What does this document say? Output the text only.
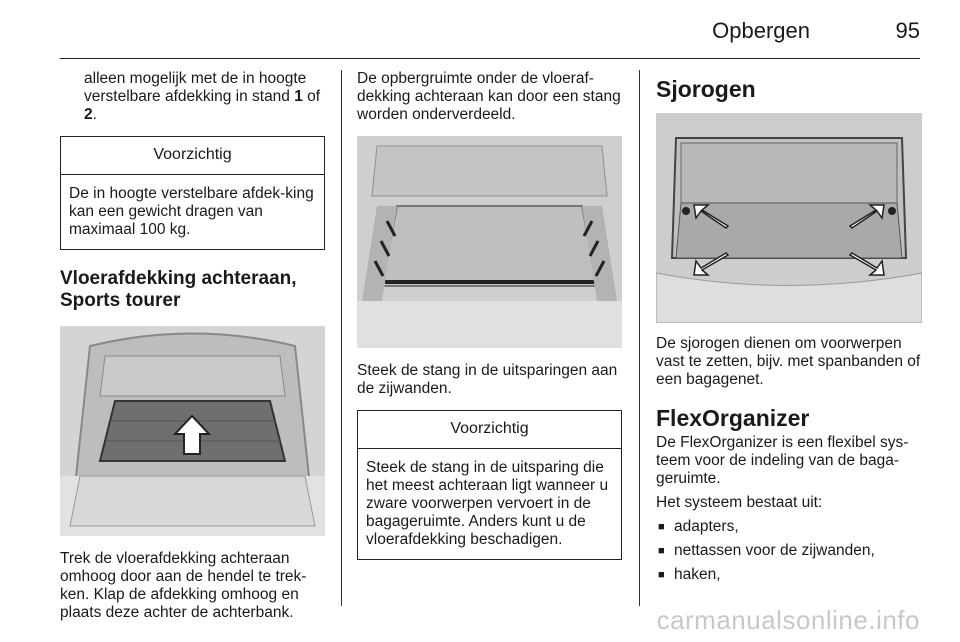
Opbergen	95

alleen mogelijk met de in hoogte verstelbare afdekking in stand 1 of 2.

Voorzichtig
De in hoogte verstelbare afdek-king kan een gewicht dragen van maximaal 100 kg.
Vloerafdekking achteraan, Sports tourer

Trek de vloerafdekking achteraan omhoog door aan de hendel te trek-ken. Klap de afdekking omhoog en plaats deze achter de achterbank.

De opbergruimte onder de vloeraf-dekking achteraan kan door een stang worden onderverdeeld.

Steek de stang in de uitsparingen aan de zijwanden.

Voorzichtig
Steek de stang in de uitsparing die het meest achteraan ligt wanneer u zware voorwerpen vervoert in de bagageruimte. Anders kunt u de vloerafdekking beschadigen.
Sjorogen

De sjorogen dienen om voorwerpen vast te zetten, bijv. met spanbanden of een bagagenet.

FlexOrganizer

De FlexOrganizer is een flexibel sys-teem voor de indeling van de baga-geruimte.

Het systeem bestaat uit:

■ adapters,
■ nettassen voor de zijwanden,
■ haken,
carmanualsonline.info
